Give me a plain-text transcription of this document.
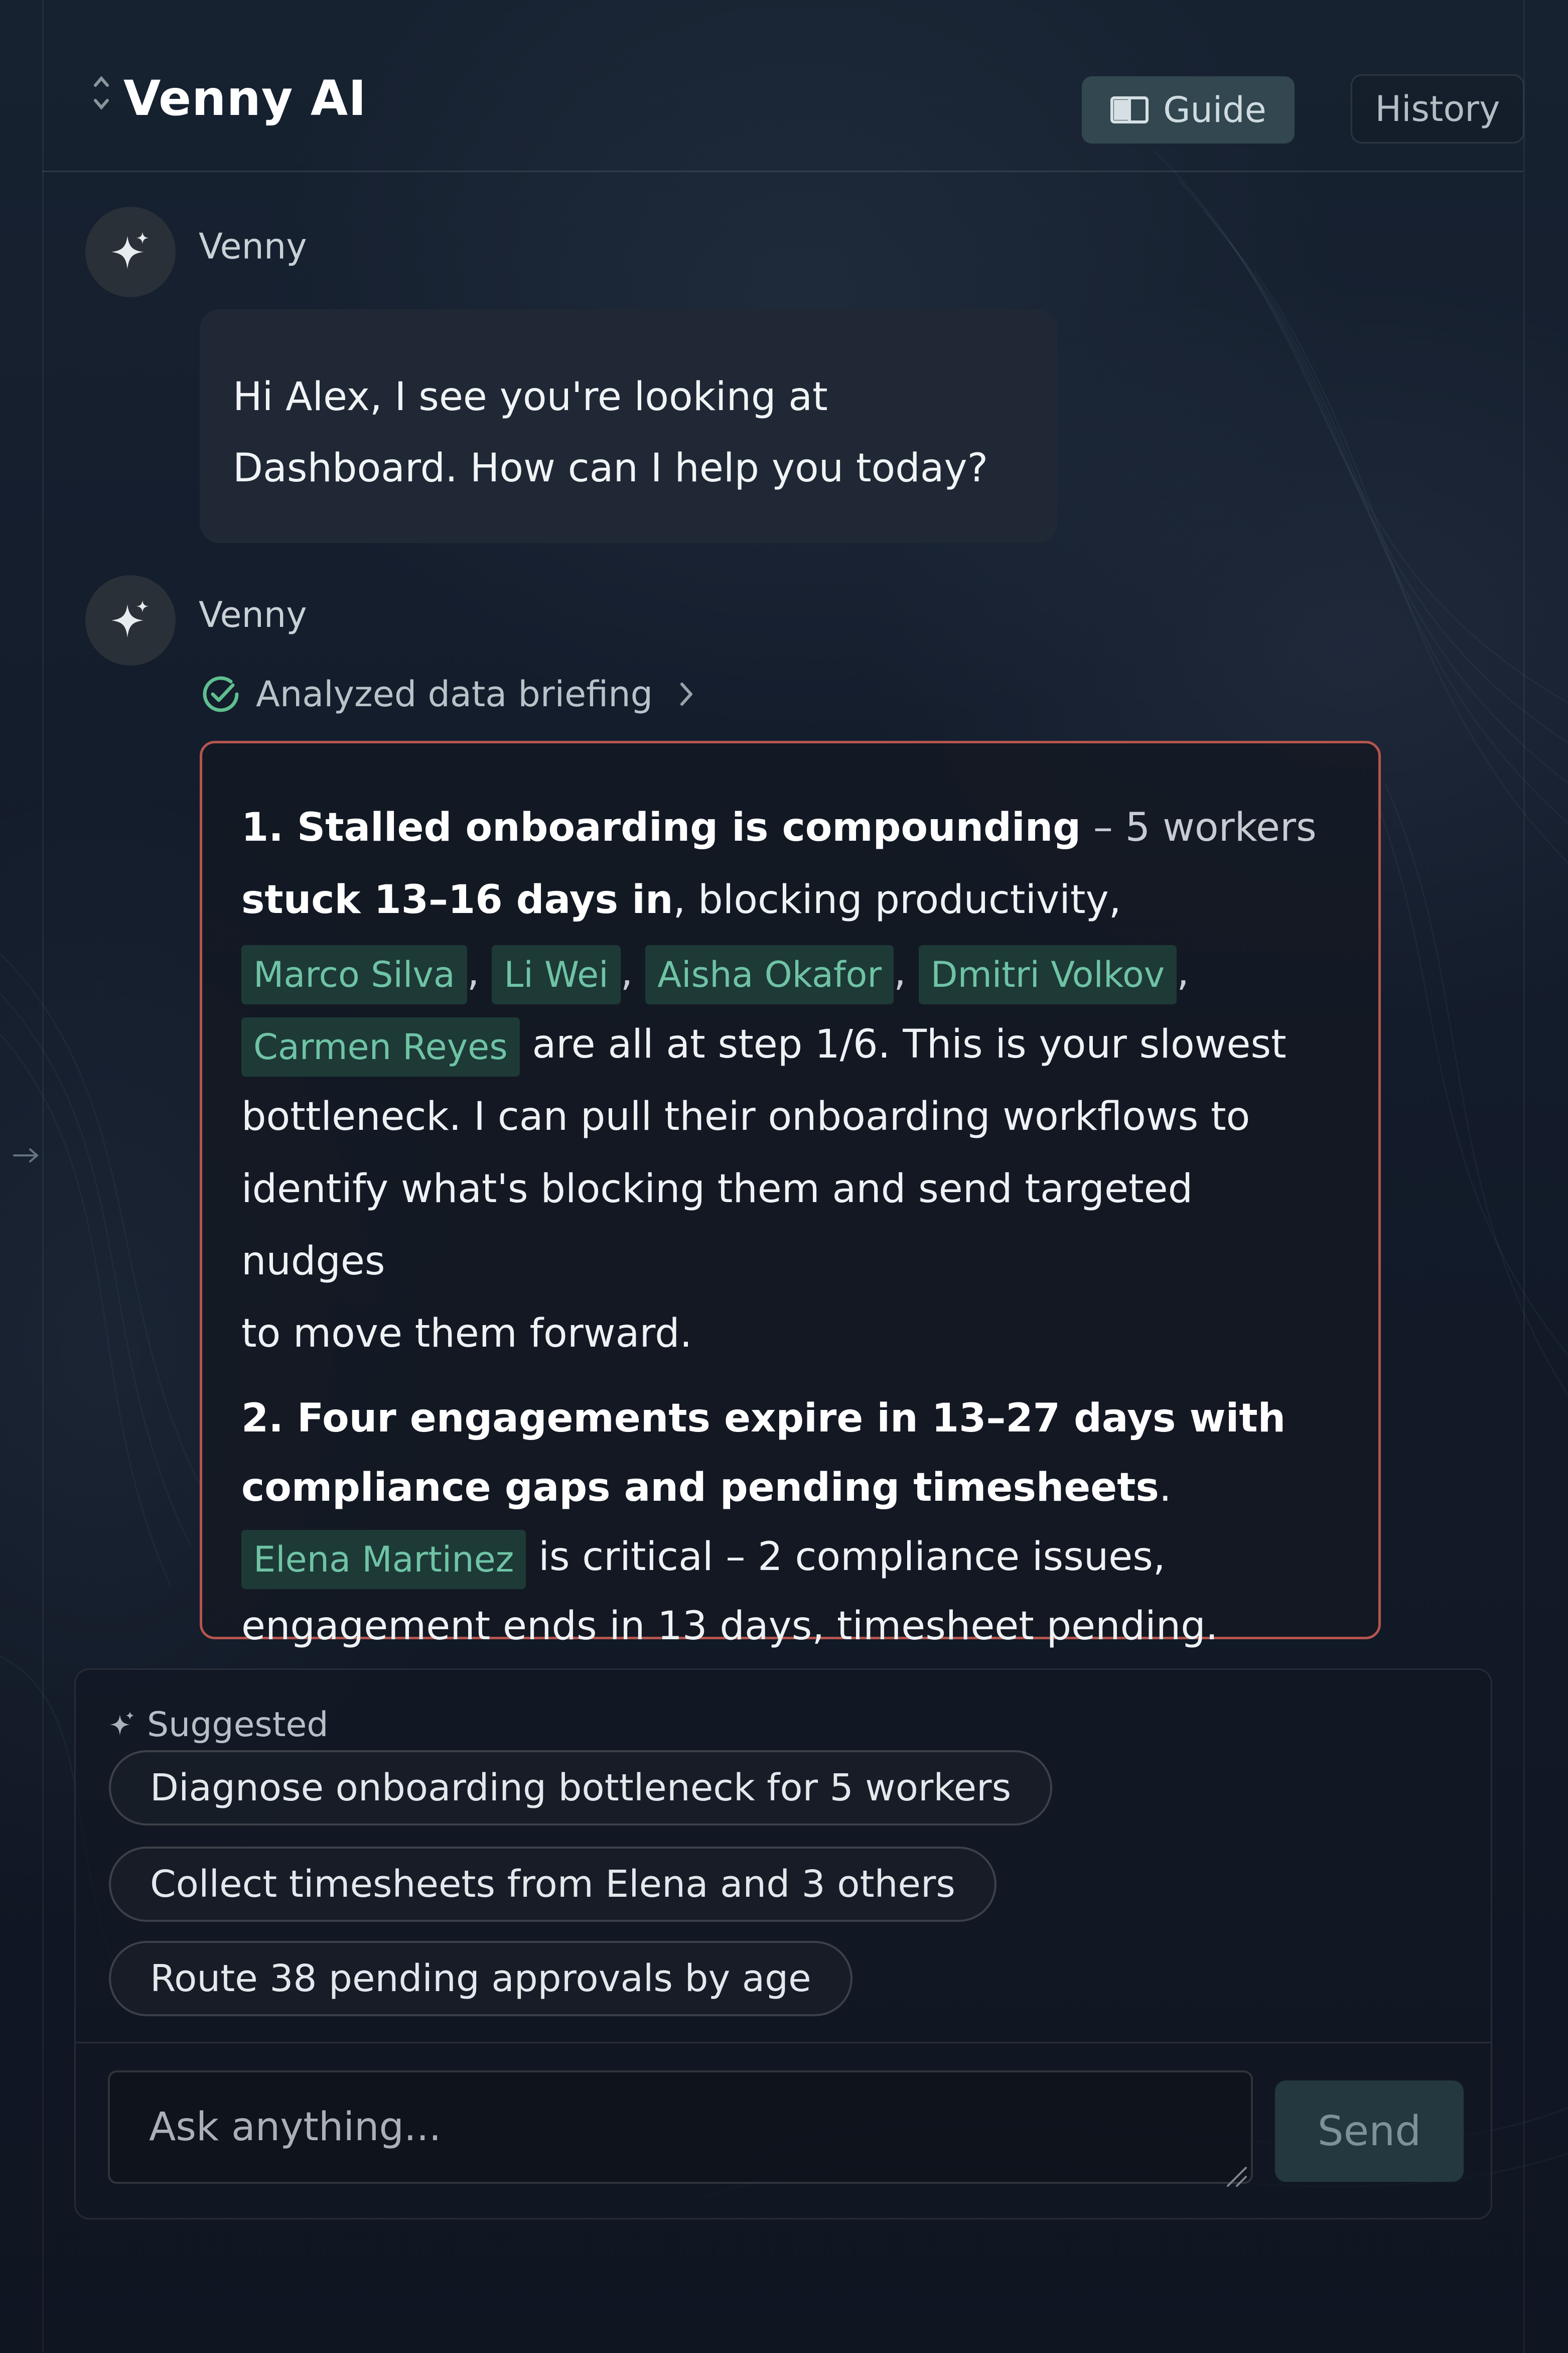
Venny AI	Guide	History
Venny
Hi Alex, I see you're looking at
Dashboard. How can I help you today?
Venny
Analyzed data briefing
1. Stalled onboarding is compounding – 5 workers
stuck 13–16 days in, blocking productivity,
Marco Silva , Li Wei , Aisha Okafor , Dmitri Volkov ,
Carmen Reyes are all at step 1/6. This is your slowest
bottleneck. I can pull their onboarding workflows to
identify what's blocking them and send targeted nudges
to move them forward.
2. Four engagements expire in 13–27 days with
compliance gaps and pending timesheets.
Elena Martinez is critical – 2 compliance issues,
engagement ends in 13 days, timesheet pending.
Suggested
Diagnose onboarding bottleneck for 5 workers
Collect timesheets from Elena and 3 others
Route 38 pending approvals by age
Ask anything...
Send
